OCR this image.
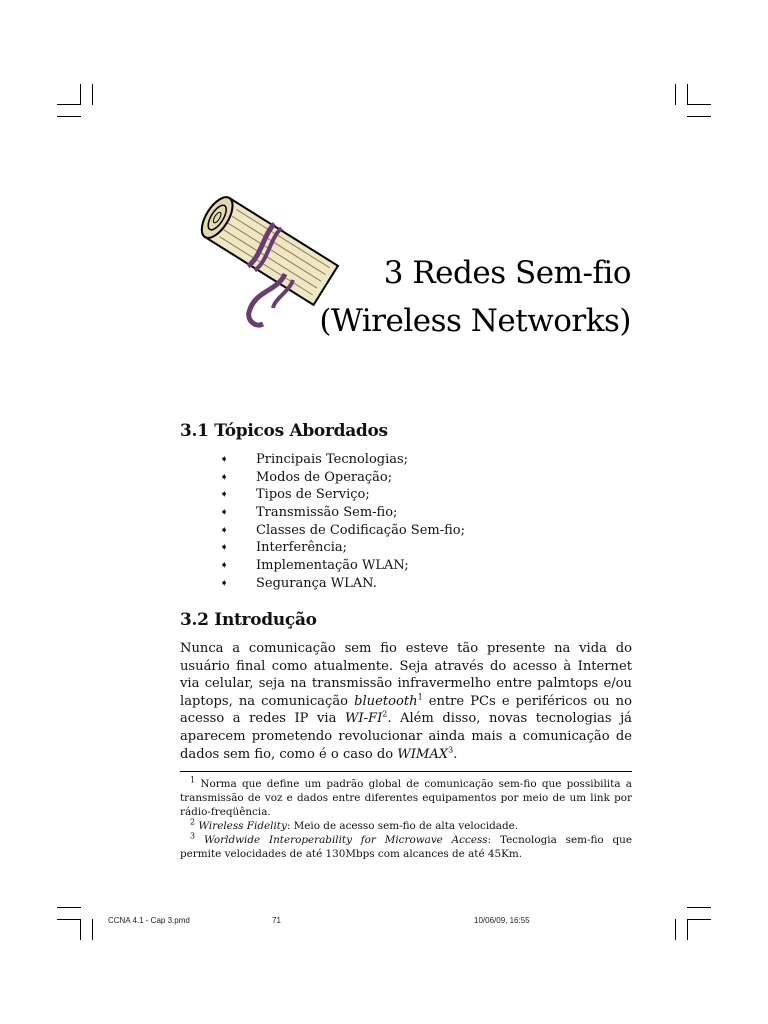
3 Redes Sem-fio
(Wireless Networks)
3.1 Tópicos Abordados
➧ Principais Tecnologias;
➧ Modos de Operação;
➧ Tipos de Serviço;
➧ Transmissão Sem-fio;
➧ Classes de Codificação Sem-fio;
➧ Interferência;
➧ Implementação WLAN;
➧ Segurança WLAN.
3.2 Introdução

Nunca a comunicação sem fio esteve tão presente na vida do usuário final como atualmente. Seja através do acesso à Internet via celular, seja na transmissão infravermelho entre palmtops e/ou laptops, na comunicação bluetooth$^1$ entre PCs e periféricos ou no acesso a redes IP via $WI-FI^2$. Além disso, novas tecnologias já aparecem prometendo revolucionar ainda mais a comunicação de dados sem fio, como é o caso do WIMAX$^3$.

$^1$ Norma que define um padrão global de comunicação sem-fio que possibilita a transmissão de voz e dados entre diferentes equipamentos por meio de um link por rádio-freqüência.

$^2$ Wireless Fidelity: Meio de acesso sem-fio de alta velocidade.

$^3$ Worldwide Interoperability for Microwave Access: Tecnologia sem-fio que permite velocidades de até 130Mbps com alcances de até 45Km.

CCNA 4.1 - Cap 3.pmd	71	10/06/09, 16:55
